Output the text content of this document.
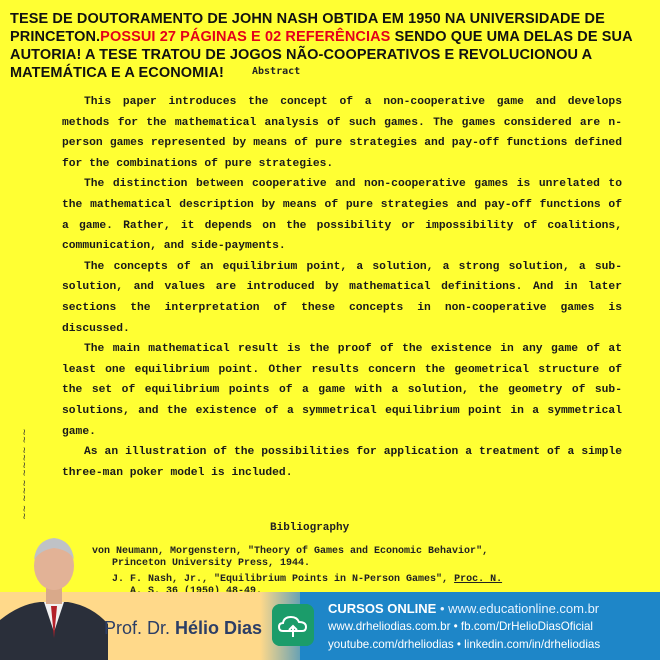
TESE DE DOUTORAMENTO DE JOHN NASH OBTIDA EM 1950 NA UNIVERSIDADE DE PRINCETON.POSSUI 27 PÁGINAS E 02 REFERÊNCIAS SENDO QUE UMA DELAS DE SUA AUTORIA! A TESE TRATOU DE JOGOS NÃO-COOPERATIVOS E REVOLUCIONOU A MATEMÁTICA E A ECONOMIA!	Abstract

This paper introduces the concept of a non-cooperative game and develops methods for the mathematical analysis of such games. The games considered are n-person games represented by means of pure strategies and pay-off functions defined for the combinations of pure strategies.

The distinction between cooperative and non-cooperative games is unrelated to the mathematical description by means of pure strategies and pay-off functions of a game. Rather, it depends on the possibility or impossibility of coalitions, communication, and side-payments.

The concepts of an equilibrium point, a solution, a strong solution, a sub-solution, and values are introduced by mathematical definitions. And in later sections the interpretation of these concepts in non-cooperative games is discussed.

The main mathematical result is the proof of the existence in any game of at least one equilibrium point. Other results concern the geometrical structure of the set of equilibrium points of a game with a solution, the geometry of sub-solutions, and the existence of a symmetrical equilibrium point in a symmetrical game.

As an illustration of the possibilities for application a treatment of a simple three-man poker model is included.

~~ ~~~ ~~~~ ~~
Bibliography
von Neumann, Morgenstern, "Theory of Games and Economic Behavior",
Princeton University Press, 1944.
J. F. Nash, Jr., "Equilibrium Points in N-Person Games", Proc. N.
Prof. Dr. Hélio Dias
CURSOS ONLINE • www.educationline.com.br
www.drheliodias.com.br • fb.com/DrHelioDiasOficial
youtube.com/drheliodias • linkedin.com/in/drheliodias
